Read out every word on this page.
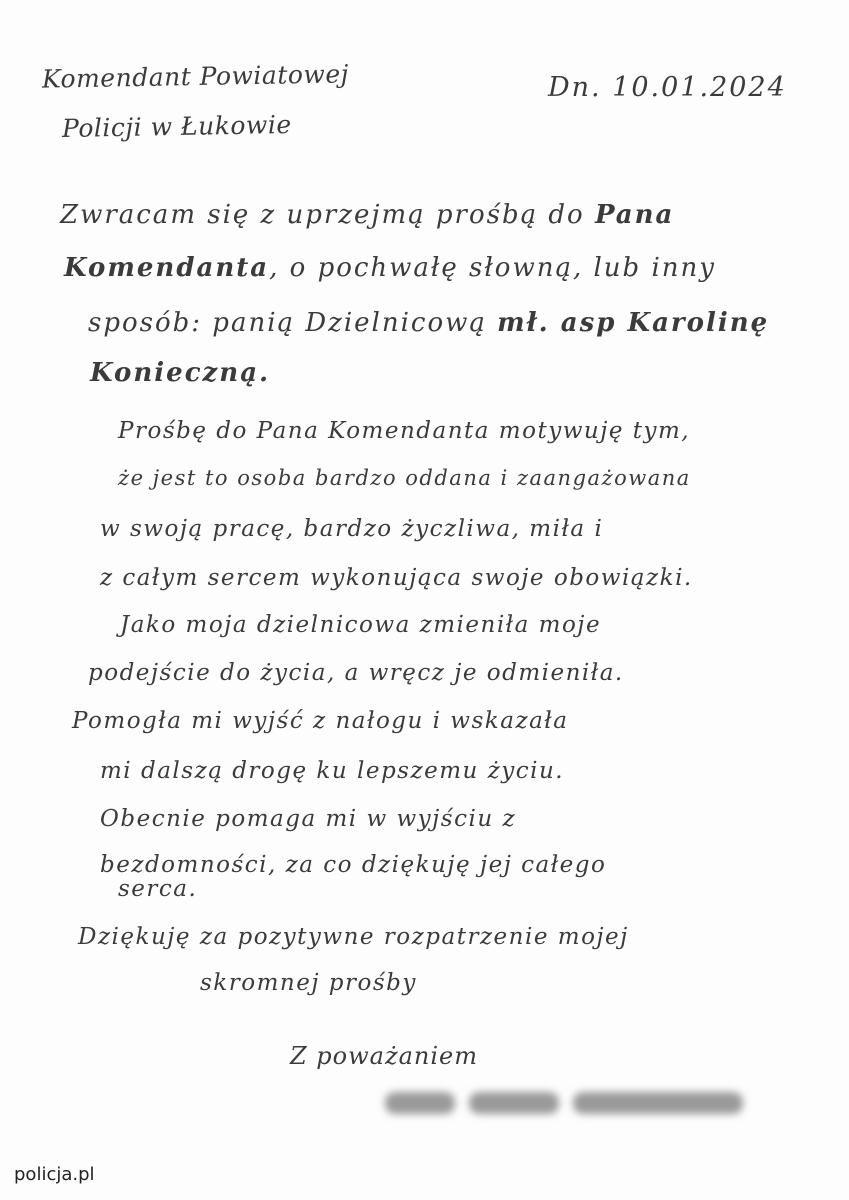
Komendant Powiatowej
Policji w Łukowie
Dn. 10.01.2024
Zwracam się z uprzejmą prośbą do Pana
Komendanta, o pochwałę słowną, lub inny
sposób: panią Dzielnicową mł. asp Karolinę
Konieczną.
Prośbę do Pana Komendanta motywuję tym,
że jest to osoba bardzo oddana i zaangażowana
w swoją pracę, bardzo życzliwa, miła i
z całym sercem wykonująca swoje obowiązki.
Jako moja dzielnicowa zmieniła moje
podejście do życia, a wręcz je odmieniła.
Pomogła mi wyjść z nałogu i wskazała
mi dalszą drogę ku lepszemu życiu.
Obecnie pomaga mi w wyjściu z
bezdomności, za co dziękuję jej całego
serca.
Dziękuję za pozytywne rozpatrzenie mojej
skromnej prośby
Z poważaniem
policja.pl
